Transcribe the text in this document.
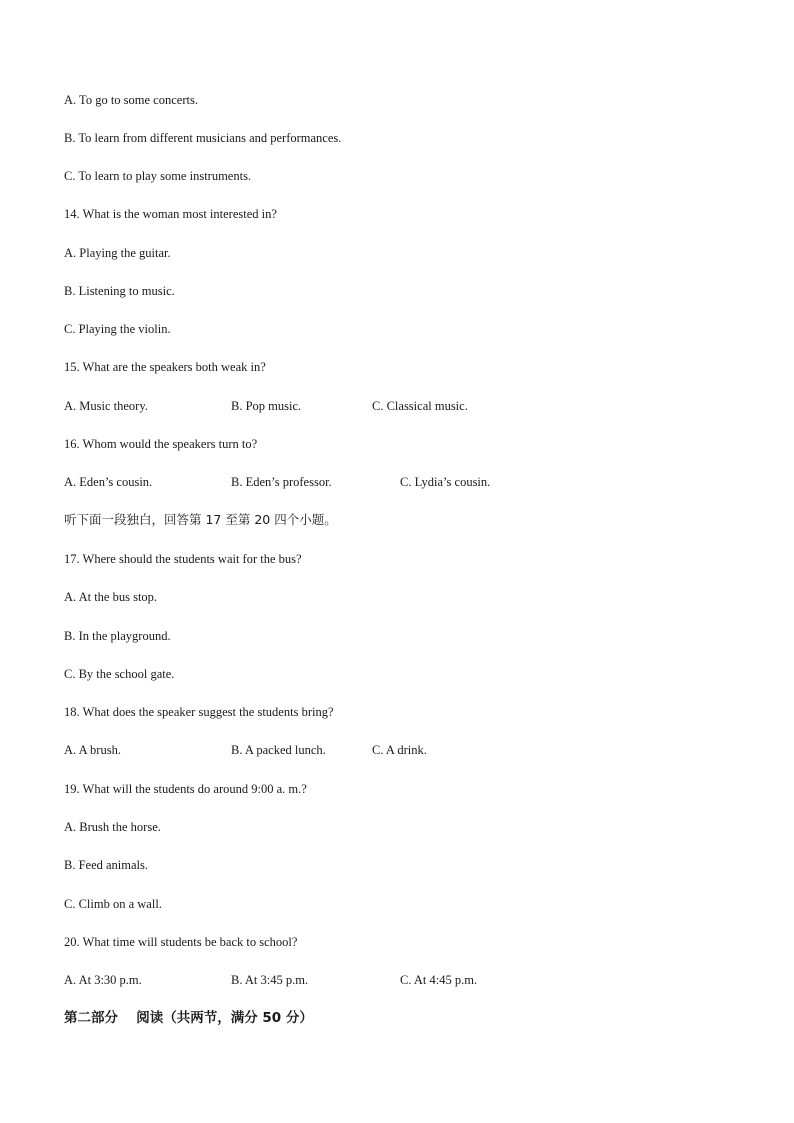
A. To go to some concerts.
B. To learn from different musicians and performances.
C. To learn to play some instruments.
14. What is the woman most interested in?
A. Playing the guitar.
B. Listening to music.
C. Playing the violin.
15. What are the speakers both weak in?
A. Music theory.	B. Pop music.	C. Classical music.
16. Whom would the speakers turn to?
A. Eden’s cousin.	B. Eden’s professor.	C. Lydia’s cousin.
听下面一段独白，回答第 17 至第 20 四个小题。
17. Where should the students wait for the bus?
A. At the bus stop.
B. In the playground.
C. By the school gate.
18. What does the speaker suggest the students bring?
A. A brush.	B. A packed lunch.	C. A drink.
19. What will the students do around 9:00 a. m.?
A. Brush the horse.
B. Feed animals.
C. Climb on a wall.
20. What time will students be back to school?
A. At 3:30 p.m.	B. At 3:45 p.m.	C. At 4:45 p.m.
第二部分　 阅读（共两节，满分 50 分）
